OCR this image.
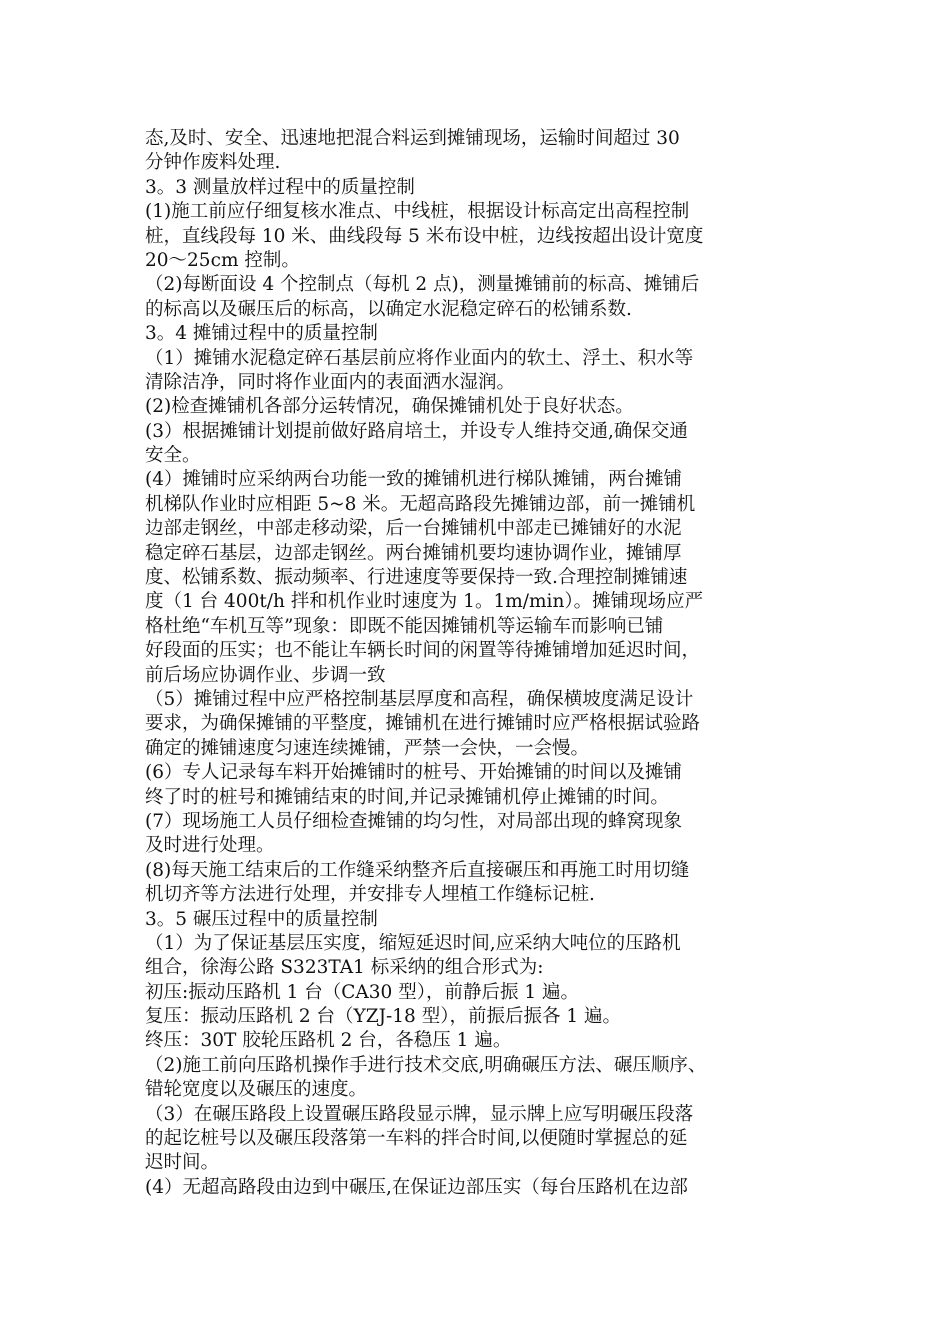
态,及时、安全、迅速地把混合料运到摊铺现场，运输时间超过 30
分钟作废料处理.
3。3 测量放样过程中的质量控制
(1)施工前应仔细复核水准点、中线桩，根据设计标高定出高程控制
桩，直线段每 10 米、曲线段每 5 米布设中桩，边线按超出设计宽度
20～25cm 控制。
（2)每断面设 4 个控制点（每机 2 点)，测量摊铺前的标高、摊铺后
的标高以及碾压后的标高，以确定水泥稳定碎石的松铺系数.
3。4 摊铺过程中的质量控制
（1）摊铺水泥稳定碎石基层前应将作业面内的软土、浮土、积水等
清除洁净，同时将作业面内的表面洒水湿润。
(2)检查摊铺机各部分运转情况，确保摊铺机处于良好状态。
(3）根据摊铺计划提前做好路肩培土，并设专人维持交通,确保交通
安全。
(4）摊铺时应采纳两台功能一致的摊铺机进行梯队摊铺，两台摊铺
机梯队作业时应相距 5~8 米。无超高路段先摊铺边部，前一摊铺机
边部走钢丝，中部走移动梁，后一台摊铺机中部走已摊铺好的水泥
稳定碎石基层，边部走钢丝。两台摊铺机要均速协调作业，摊铺厚
度、松铺系数、振动频率、行进速度等要保持一致.合理控制摊铺速
度（1 台 400t/h 拌和机作业时速度为 1。1m/min）。摊铺现场应严
格杜绝“车机互等”现象：即既不能因摊铺机等运输车而影响已铺
好段面的压实；也不能让车辆长时间的闲置等待摊铺增加延迟时间，
前后场应协调作业、步调一致
（5）摊铺过程中应严格控制基层厚度和高程，确保横坡度满足设计
要求，为确保摊铺的平整度，摊铺机在进行摊铺时应严格根据试验路
确定的摊铺速度匀速连续摊铺，严禁一会快，一会慢。
(6）专人记录每车料开始摊铺时的桩号、开始摊铺的时间以及摊铺
终了时的桩号和摊铺结束的时间,并记录摊铺机停止摊铺的时间。
(7）现场施工人员仔细检查摊铺的均匀性，对局部出现的蜂窝现象
及时进行处理。
(8)每天施工结束后的工作缝采纳整齐后直接碾压和再施工时用切缝
机切齐等方法进行处理，并安排专人埋植工作缝标记桩.
3。5 碾压过程中的质量控制
（1）为了保证基层压实度，缩短延迟时间,应采纳大吨位的压路机
组合，徐海公路 S323TA1 标采纳的组合形式为:
初压:振动压路机 1 台（CA30 型），前静后振 1 遍。
复压：振动压路机 2 台（YZJ-18 型），前振后振各 1 遍。
终压：30T 胶轮压路机 2 台，各稳压 1 遍。
（2)施工前向压路机操作手进行技术交底,明确碾压方法、碾压顺序、
错轮宽度以及碾压的速度。
（3）在碾压路段上设置碾压路段显示牌，显示牌上应写明碾压段落
的起讫桩号以及碾压段落第一车料的拌合时间,以便随时掌握总的延
迟时间。
(4）无超高路段由边到中碾压,在保证边部压实（每台压路机在边部
